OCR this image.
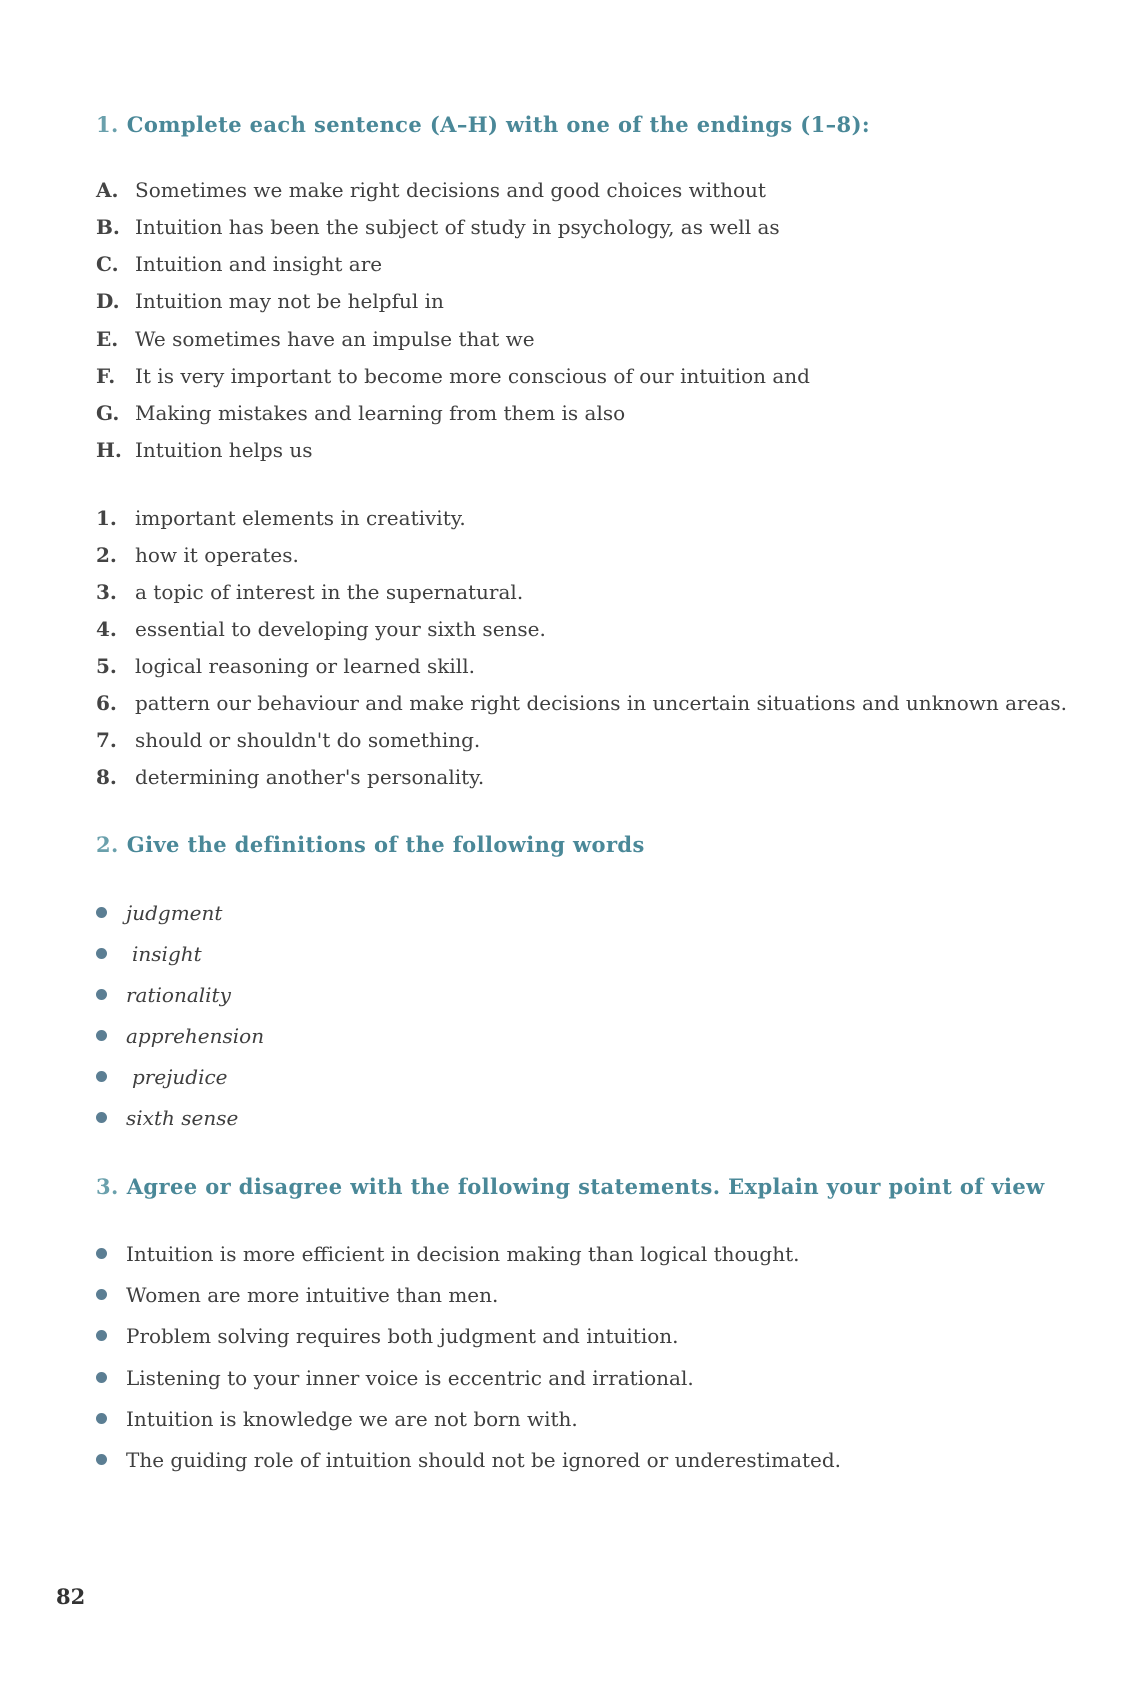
1. Complete each sentence (A–H) with one of the endings (1–8):
A. Sometimes we make right decisions and good choices without
B. Intuition has been the subject of study in psychology, as well as
C. Intuition and insight are
D. Intuition may not be helpful in
E. We sometimes have an impulse that we
F. It is very important to become more conscious of our intuition and
G. Making mistakes and learning from them is also
H. Intuition helps us
1. important elements in creativity.
2. how it operates.
3. a topic of interest in the supernatural.
4. essential to developing your sixth sense.
5. logical reasoning or learned skill.
6. pattern our behaviour and make right decisions in uncertain situations and unknown areas.
7. should or shouldn't do something.
8. determining another's personality.
2. Give the definitions of the following words
judgment
insight
rationality
apprehension
prejudice
sixth sense
3. Agree or disagree with the following statements. Explain your point of view
Intuition is more efficient in decision making than logical thought.
Women are more intuitive than men.
Problem solving requires both judgment and intuition.
Listening to your inner voice is eccentric and irrational.
Intuition is knowledge we are not born with.
The guiding role of intuition should not be ignored or underestimated.
82
